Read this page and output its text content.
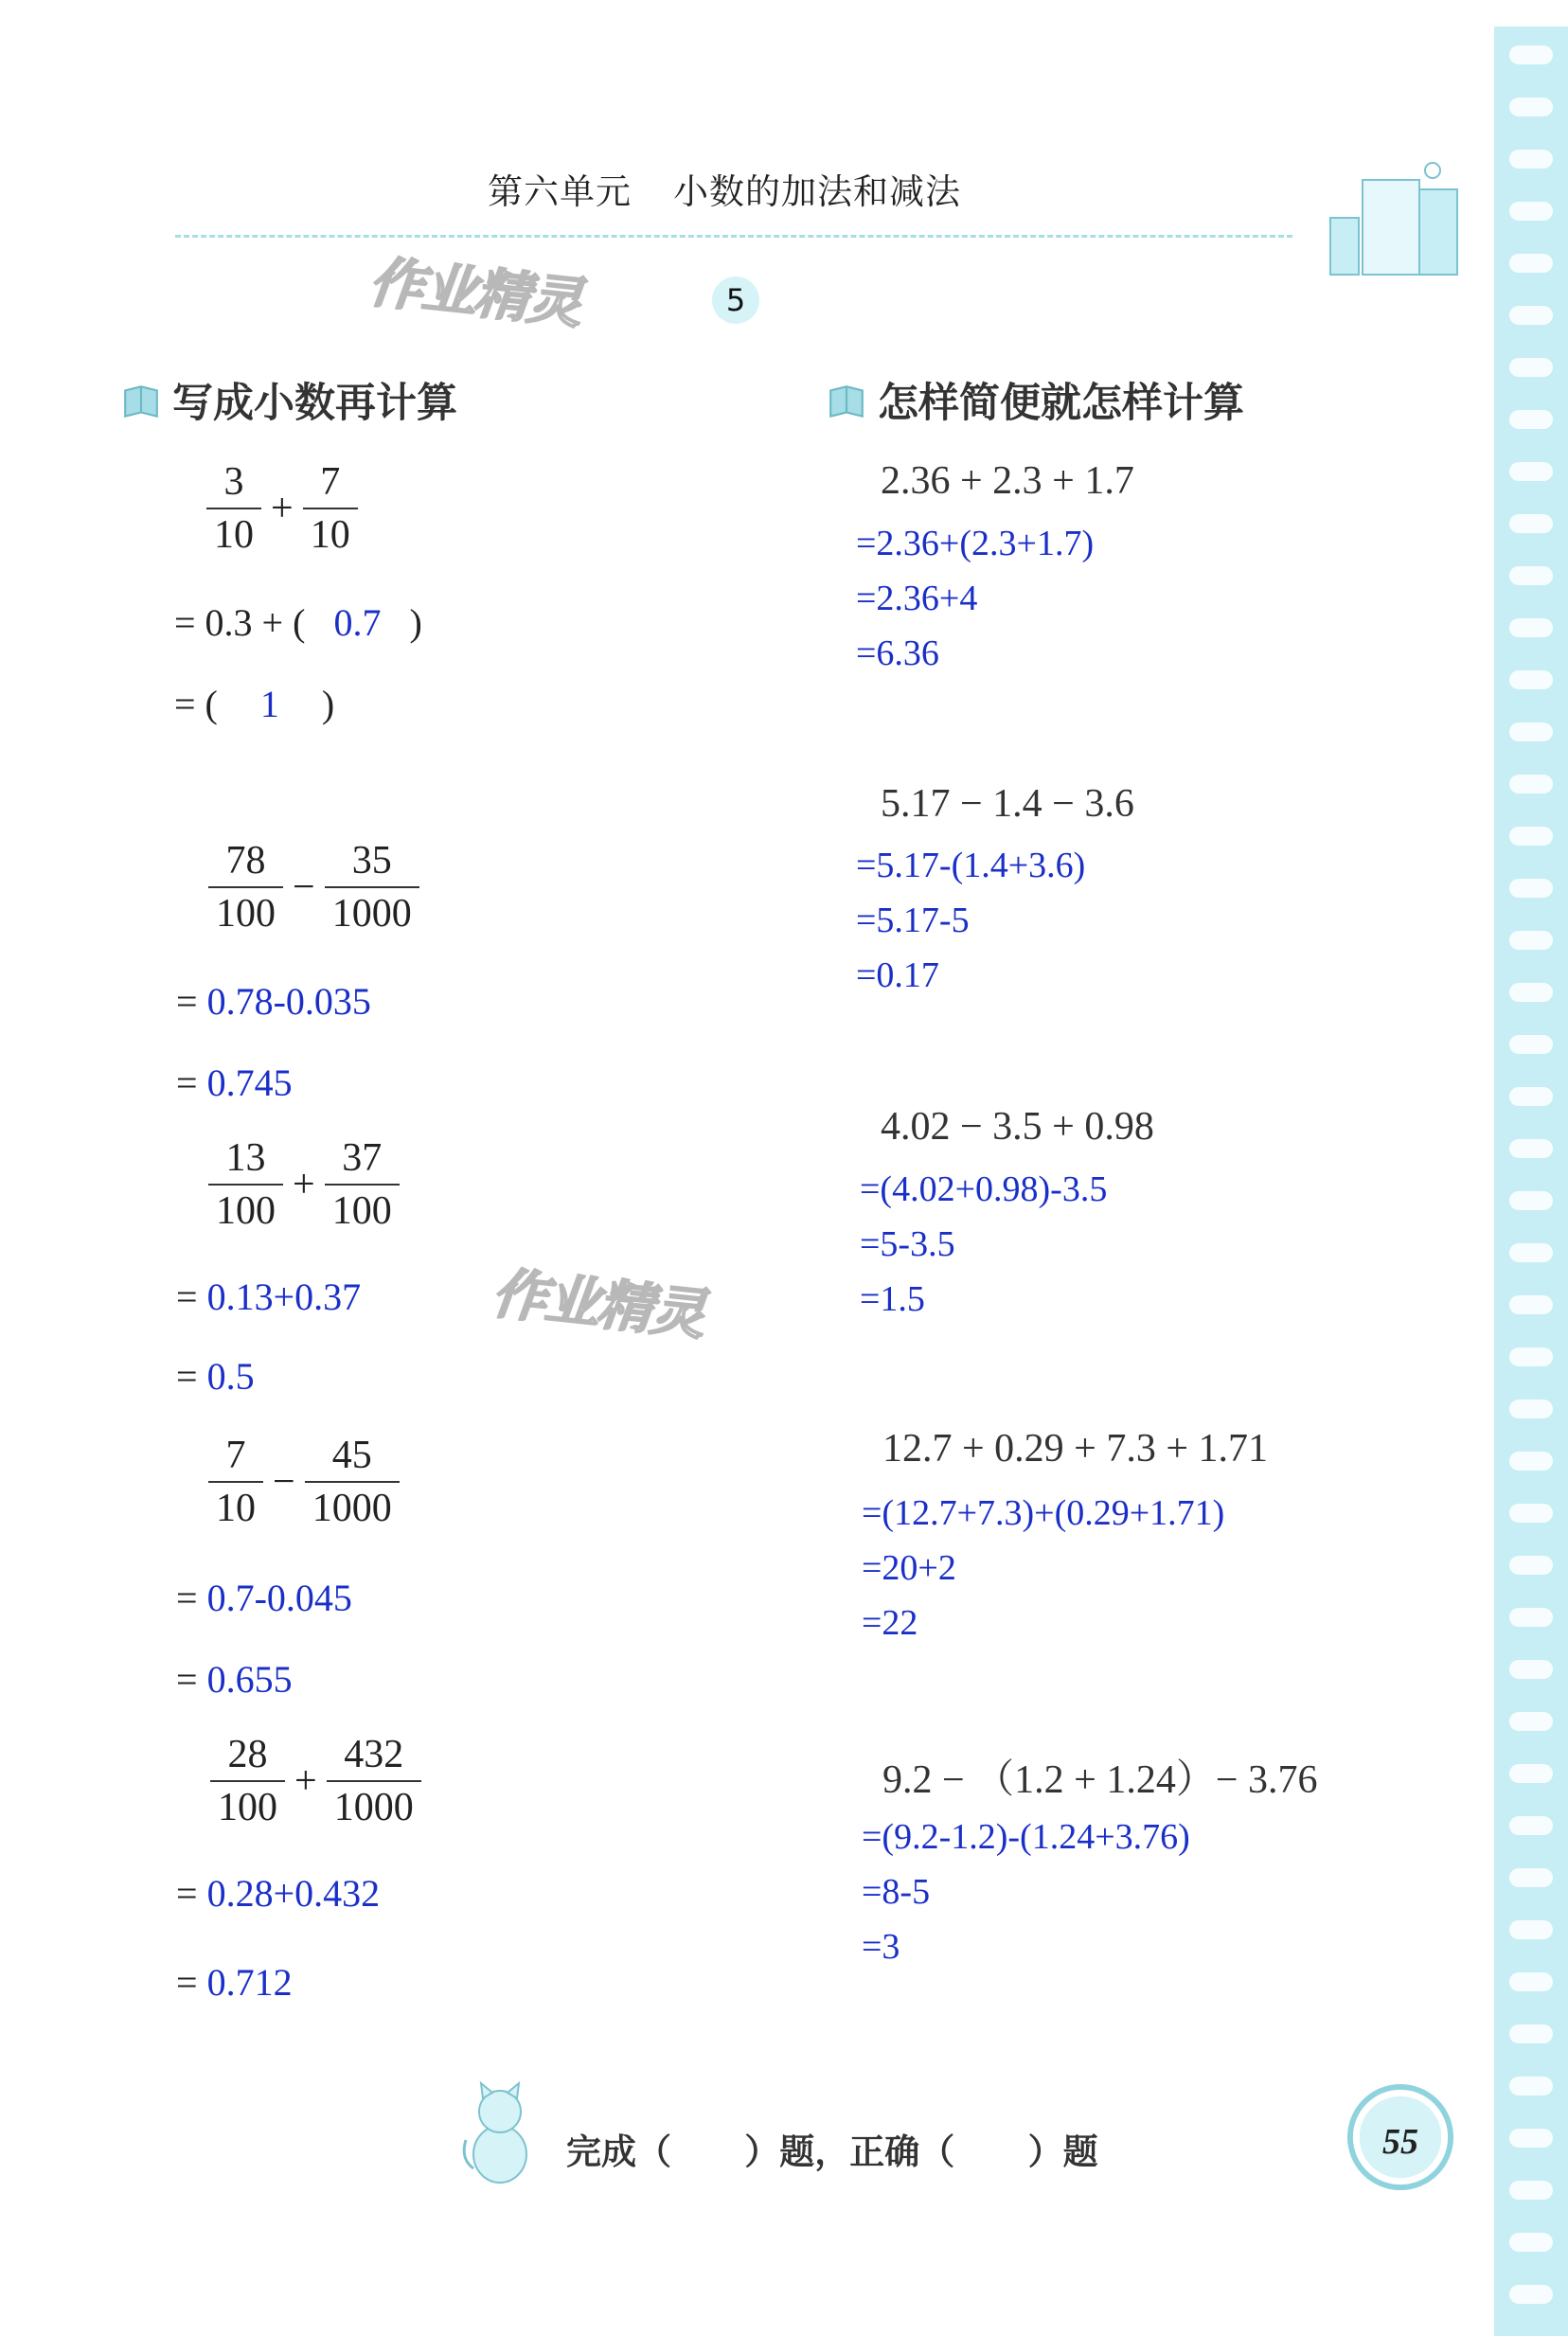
第六单元 小数的加法和减法
作业精灵
作业精灵
5
写成小数再计算	怎样简便就怎样计算
$\frac{3}{10} + \frac{7}{10}$
= 0.3 + ( 0.7 )
= ( 1 )
$\frac{78}{100} - \frac{35}{1000}$
= 0.78-0.035
= 0.745
$\frac{13}{100} + \frac{37}{100}$
= 0.13+0.37
= 0.5
$\frac{7}{10} - \frac{45}{1000}$
= 0.7-0.045
= 0.655
$\frac{28}{100} + \frac{432}{1000}$
= 0.28+0.432
= 0.712
2.36 + 2.3 + 1.7
=2.36+(2.3+1.7)
=2.36+4
=6.36
5.17 − 1.4 − 3.6
=5.17-(1.4+3.6)
=5.17-5
=0.17
4.02 − 3.5 + 0.98
=(4.02+0.98)-3.5
=5-3.5
=1.5
12.7 + 0.29 + 7.3 + 1.71
=(12.7+7.3)+(0.29+1.71)
=20+2
=22
9.2 − （1.2 + 1.24）− 3.76
=(9.2-1.2)-(1.24+3.76)
=8-5
=3
完成（      ）题，正确（      ）题	55
